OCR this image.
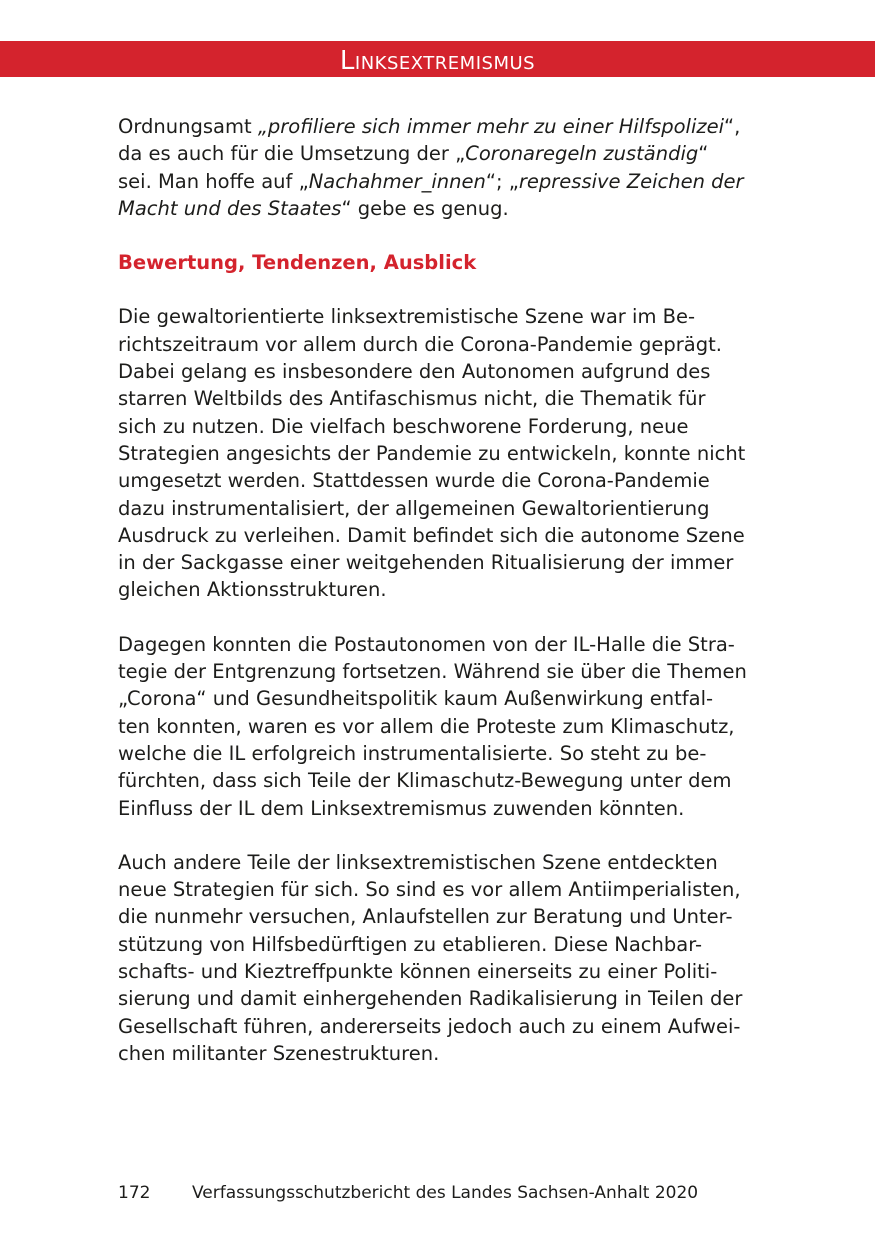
Linksextremismus

Ordnungsamt „profiliere sich immer mehr zu einer Hilfspolizei“,
da es auch für die Umsetzung der „Coronaregeln zuständig“
sei. Man hoffe auf „Nachahmer_innen“; „repressive Zeichen der
Macht und des Staates“ gebe es genug.

Bewertung, Tendenzen, Ausblick

Die gewaltorientierte linksextremistische Szene war im Be-
richtszeitraum vor allem durch die Corona-Pandemie geprägt.
Dabei gelang es insbesondere den Autonomen aufgrund des
starren Weltbilds des Antifaschismus nicht, die Thematik für
sich zu nutzen. Die vielfach beschworene Forderung, neue
Strategien angesichts der Pandemie zu entwickeln, konnte nicht
umgesetzt werden. Stattdessen wurde die Corona-Pandemie
dazu instrumentalisiert, der allgemeinen Gewaltorientierung
Ausdruck zu verleihen. Damit befindet sich die autonome Szene
in der Sackgasse einer weitgehenden Ritualisierung der immer
gleichen Aktionsstrukturen.

Dagegen konnten die Postautonomen von der IL-Halle die Stra-
tegie der Entgrenzung fortsetzen. Während sie über die Themen
„Corona“ und Gesundheitspolitik kaum Außenwirkung entfal-
ten konnten, waren es vor allem die Proteste zum Klimaschutz,
welche die IL erfolgreich instrumentalisierte. So steht zu be-
fürchten, dass sich Teile der Klimaschutz-Bewegung unter dem
Einfluss der IL dem Linksextremismus zuwenden könnten.

Auch andere Teile der linksextremistischen Szene entdeckten
neue Strategien für sich. So sind es vor allem Antiimperialisten,
die nunmehr versuchen, Anlaufstellen zur Beratung und Unter-
stützung von Hilfsbedürftigen zu etablieren. Diese Nachbar-
schafts- und Kieztreffpunkte können einerseits zu einer Politi-
sierung und damit einhergehenden Radikalisierung in Teilen der
Gesellschaft führen, andererseits jedoch auch zu einem Aufwei-
chen militanter Szenestrukturen.

172 Verfassungsschutzbericht des Landes Sachsen-Anhalt 2020
